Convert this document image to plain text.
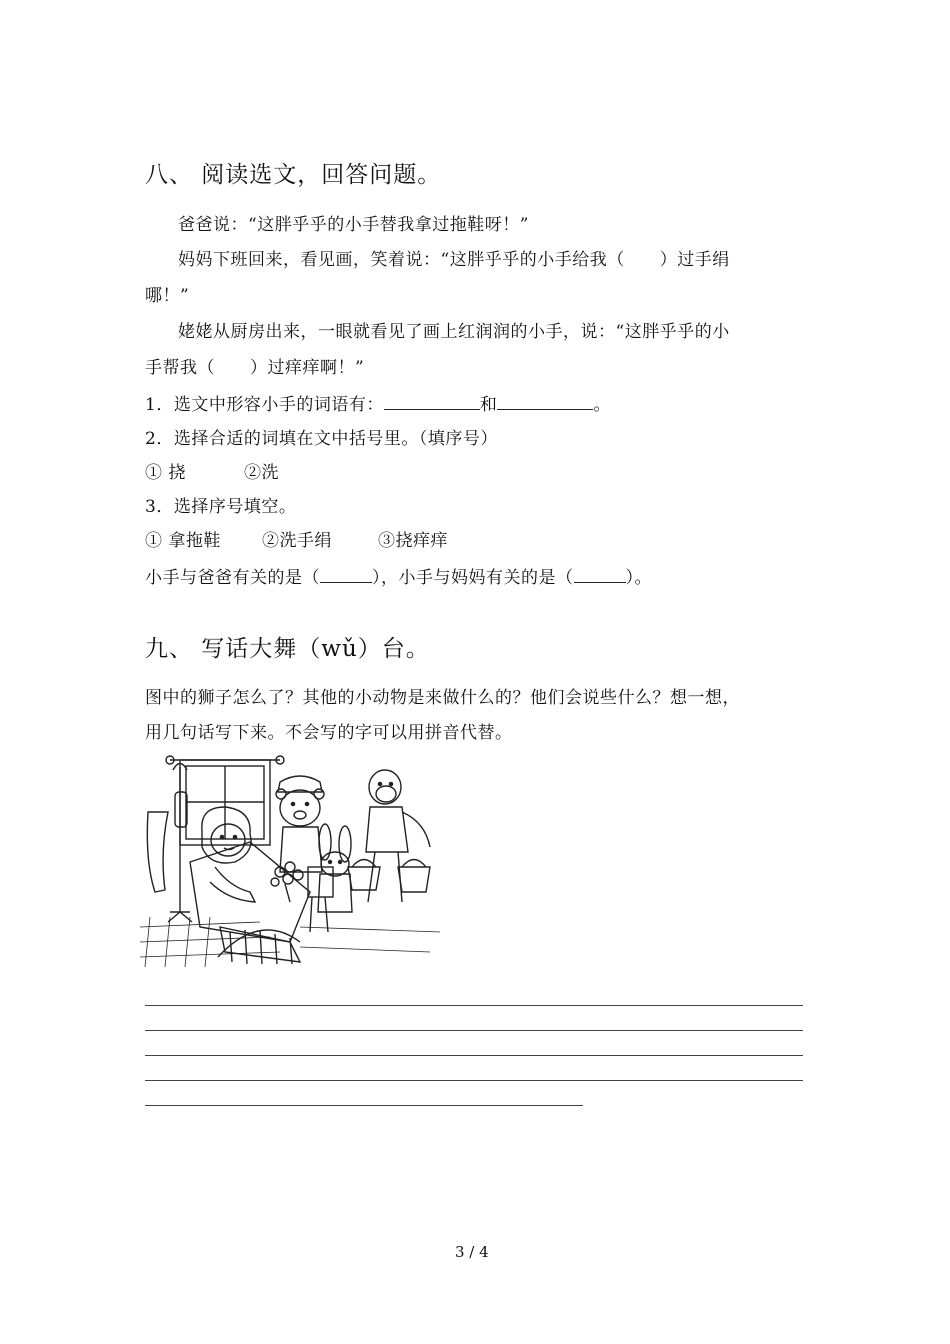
八、 阅读选文，回答问题。
爸爸说：“这胖乎乎的小手替我拿过拖鞋呀！”
妈妈下班回来，看见画，笑着说：“这胖乎乎的小手给我（　　）过手绢
哪！”
姥姥从厨房出来，一眼就看见了画上红润润的小手，说：“这胖乎乎的小
手帮我（　　）过痒痒啊！”
1．选文中形容小手的词语有：	和	。
2．选择合适的词填在文中括号里。（填序号）
① 挠	②洗
3．选择序号填空。
① 拿拖鞋 ②洗手绢	③挠痒痒
小手与爸爸有关的是（	），小手与妈妈有关的是（	）。
九、 写话大舞（wǔ）台。
图中的狮子怎么了？其他的小动物是来做什么的？他们会说些什么？想一想，
用几句话写下来。不会写的字可以用拼音代替。
3 / 4
